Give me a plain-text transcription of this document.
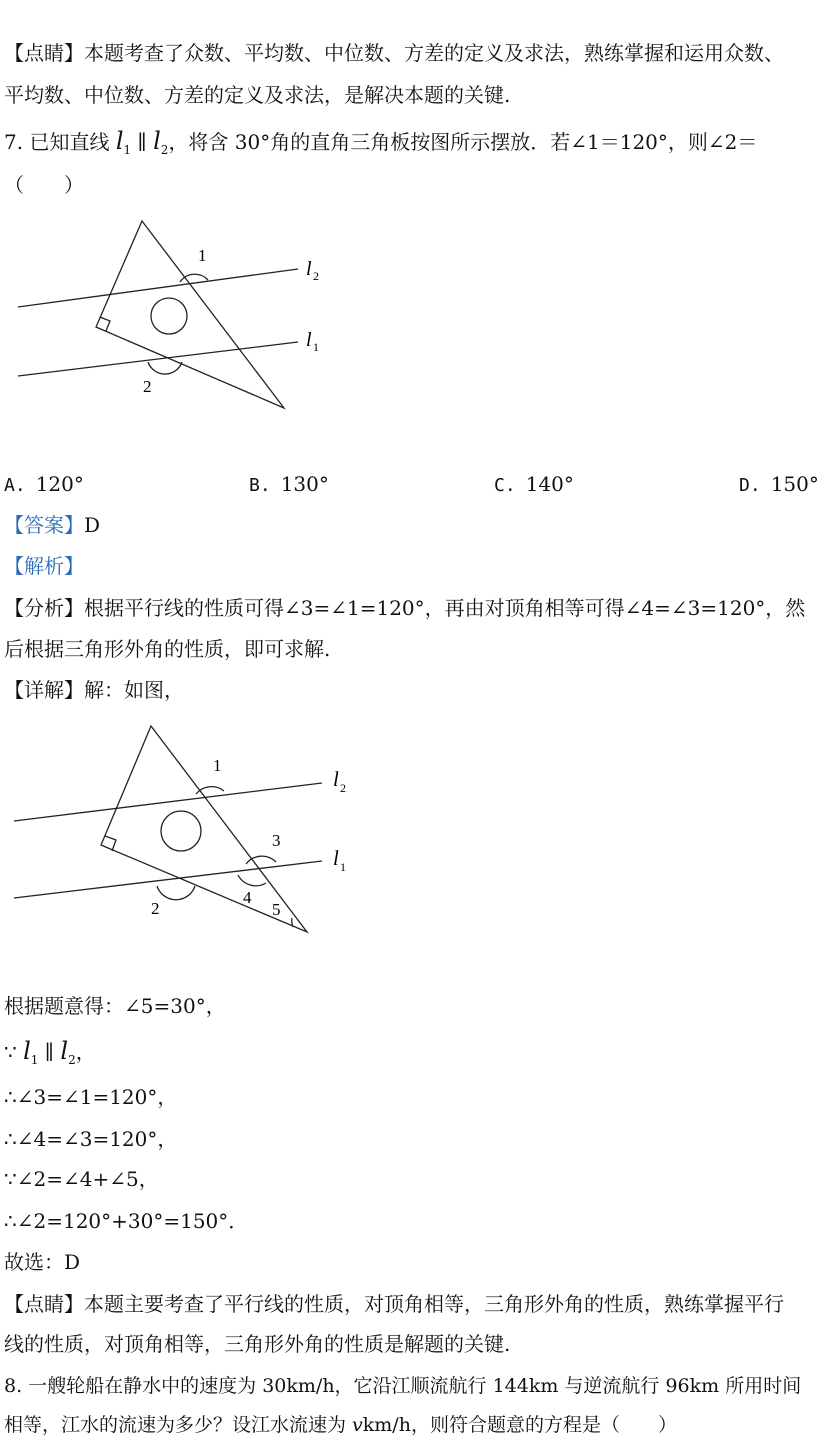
【点睛】本题考查了众数、平均数、中位数、方差的定义及求法，熟练掌握和运用众数、
平均数、中位数、方差的定义及求法，是解决本题的关键.
7. 已知直线 $l_1$ ∥ $l_2$，将含 30°角的直角三角板按图所示摆放．若∠1＝120°，则∠2＝
（　　）
1
2
l 2
l 1
A. 120°	B. 130°	C. 140°	D. 150°
【答案】D
【解析】
【分析】根据平行线的性质可得∠3=∠1=120°，再由对顶角相等可得∠4=∠3=120°，然
后根据三角形外角的性质，即可求解.
【详解】解：如图，
1
3
4
5
2
l 2
l 1
根据题意得：∠5=30°，
∵ $l_1$ ∥ $l_2$，
∴∠3=∠1=120°，
∴∠4=∠3=120°，
∵∠2=∠4+∠5，
∴∠2=120°+30°=150°．
故选：D
【点睛】本题主要考查了平行线的性质，对顶角相等，三角形外角的性质，熟练掌握平行
线的性质，对顶角相等，三角形外角的性质是解题的关键.
8. 一艘轮船在静水中的速度为 30km/h，它沿江顺流航行 144km 与逆流航行 96km 所用时间
相等，江水的流速为多少？设江水流速为 vkm/h，则符合题意的方程是（　　）
